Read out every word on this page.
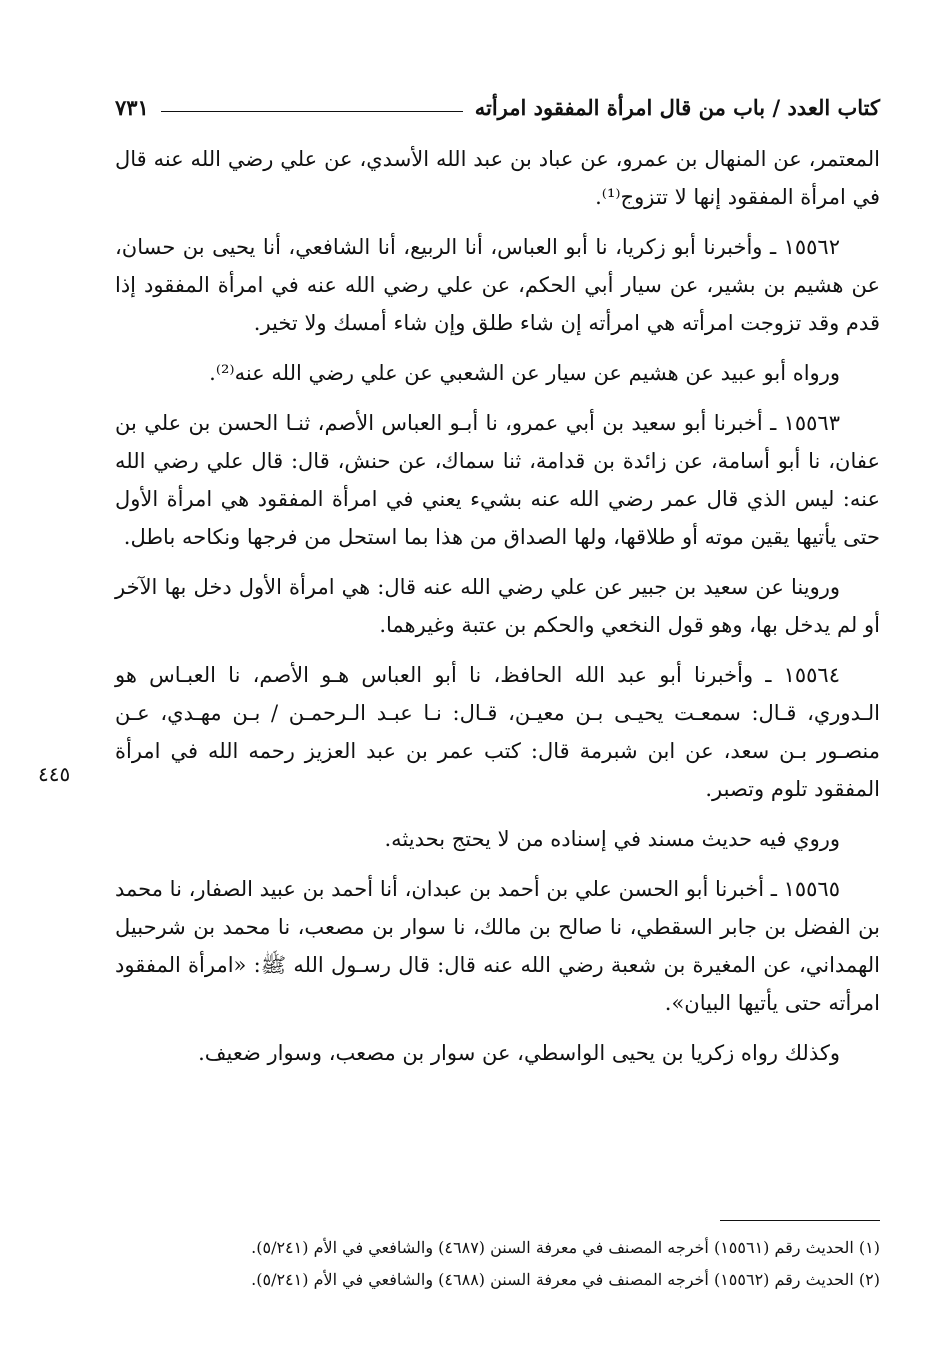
كتاب العدد / باب من قال امرأة المفقود امرأته
٧٣١

المعتمر، عن المنهال بن عمرو، عن عباد بن عبد الله الأسدي، عن علي رضي الله عنه قال في امرأة المفقود إنها لا تتزوج⁽¹⁾.

١٥٥٦٢ ـ وأخبرنا أبو زكريا، نا أبو العباس، أنا الربيع، أنا الشافعي، أنا يحيى بن حسان، عن هشيم بن بشير، عن سيار أبي الحكم، عن علي رضي الله عنه في امرأة المفقود إذا قدم وقد تزوجت امرأته هي امرأته إن شاء طلق وإن شاء أمسك ولا تخير.

ورواه أبو عبيد عن هشيم عن سيار عن الشعبي عن علي رضي الله عنه⁽²⁾.

١٥٥٦٣ ـ أخبرنا أبو سعيد بن أبي عمرو، نا أبـو العباس الأصم، ثنـا الحسن بن علي بن عفان، نا أبو أسامة، عن زائدة بن قدامة، ثنا سماك، عن حنش، قال: قال علي رضي الله عنه: ليس الذي قال عمر رضي الله عنه بشيء يعني في امرأة المفقود هي امرأة الأول حتى يأتيها يقين موته أو طلاقها، ولها الصداق من هذا بما استحل من فرجها ونكاحه باطل.

وروينا عن سعيد بن جبير عن علي رضي الله عنه قال: هي امرأة الأول دخل بها الآخر أو لم يدخل بها، وهو قول النخعي والحكم بن عتبة وغيرهما.

١٥٥٦٤ ـ وأخبرنا أبو عبد الله الحافظ، نا أبو العباس هـو الأصم، نا العبـاس هو الـدوري، قـال: سمعـت يحيـى بـن معيـن، قـال: نـا عبـد الـرحمـن / بـن مهـدي، عـن منصـور بـن سعد، عن ابن شبرمة قال: كتب عمر بن عبد العزيز رحمه الله في امرأة المفقود تلوم وتصبر.

وروي فيه حديث مسند في إسناده من لا يحتج بحديثه.

١٥٥٦٥ ـ أخبرنا أبو الحسن علي بن أحمد بن عبدان، أنا أحمد بن عبيد الصفار، نا محمد بن الفضل بن جابر السقطي، نا صالح بن مالك، نا سوار بن مصعب، نا محمد بن شرحبيل الهمداني، عن المغيرة بن شعبة رضي الله عنه قال: قال رسـول الله ﷺ: «امرأة المفقود امرأته حتى يأتيها البيان».

وكذلك رواه زكريا بن يحيى الواسطي، عن سوار بن مصعب، وسوار ضعيف.

٤٤٥
(١) الحديث رقم (١٥٥٦١) أخرجه المصنف في معرفة السنن (٤٦٨٧) والشافعي في الأم (٥/٢٤١).
(٢) الحديث رقم (١٥٥٦٢) أخرجه المصنف في معرفة السنن (٤٦٨٨) والشافعي في الأم (٥/٢٤١).
